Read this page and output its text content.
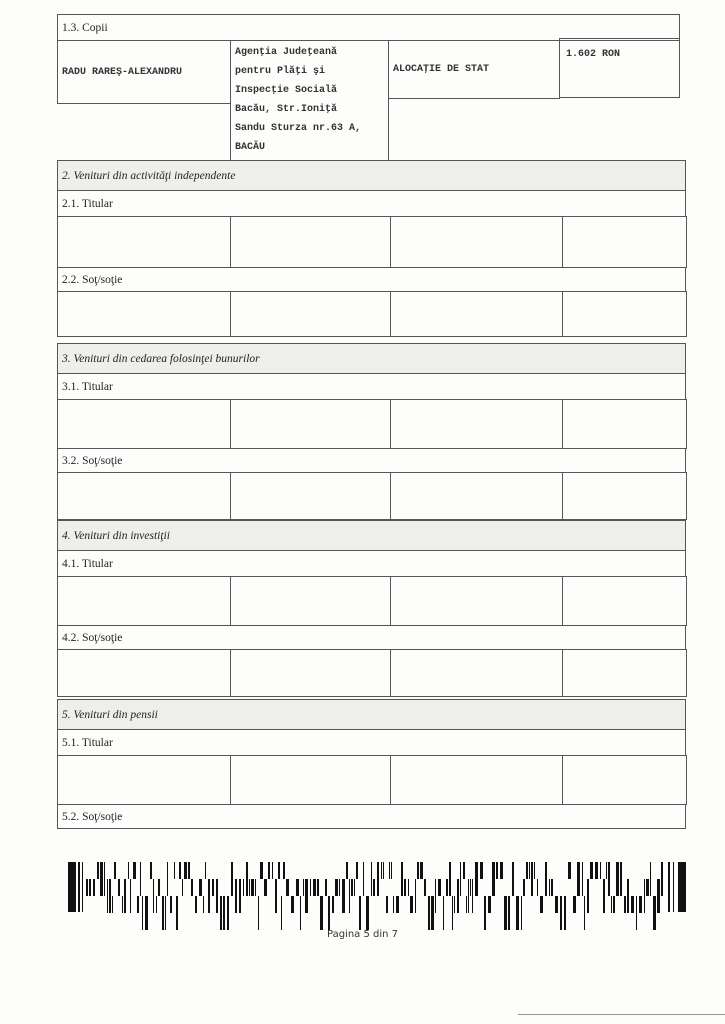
1.3. Copii
RADU RAREŞ-ALEXANDRU
Agenţia Judeţeană
pentru Plăţi şi
Inspecţie Socială
Bacău, Str.Ioniţă
Sandu Sturza nr.63 A,
BACĂU
ALOCAŢIE DE STAT
1.602 RON
2. Venituri din activităţi independente
2.1. Titular
2.2. Soţ/soţie
3. Venituri din cedarea folosinţei bunurilor
3.1. Titular
3.2. Soţ/soţie
4. Venituri din investiţii
4.1. Titular
4.2. Soţ/soţie
5. Venituri din pensii
5.1. Titular
5.2. Soţ/soţie
Pagina 5 din 7
